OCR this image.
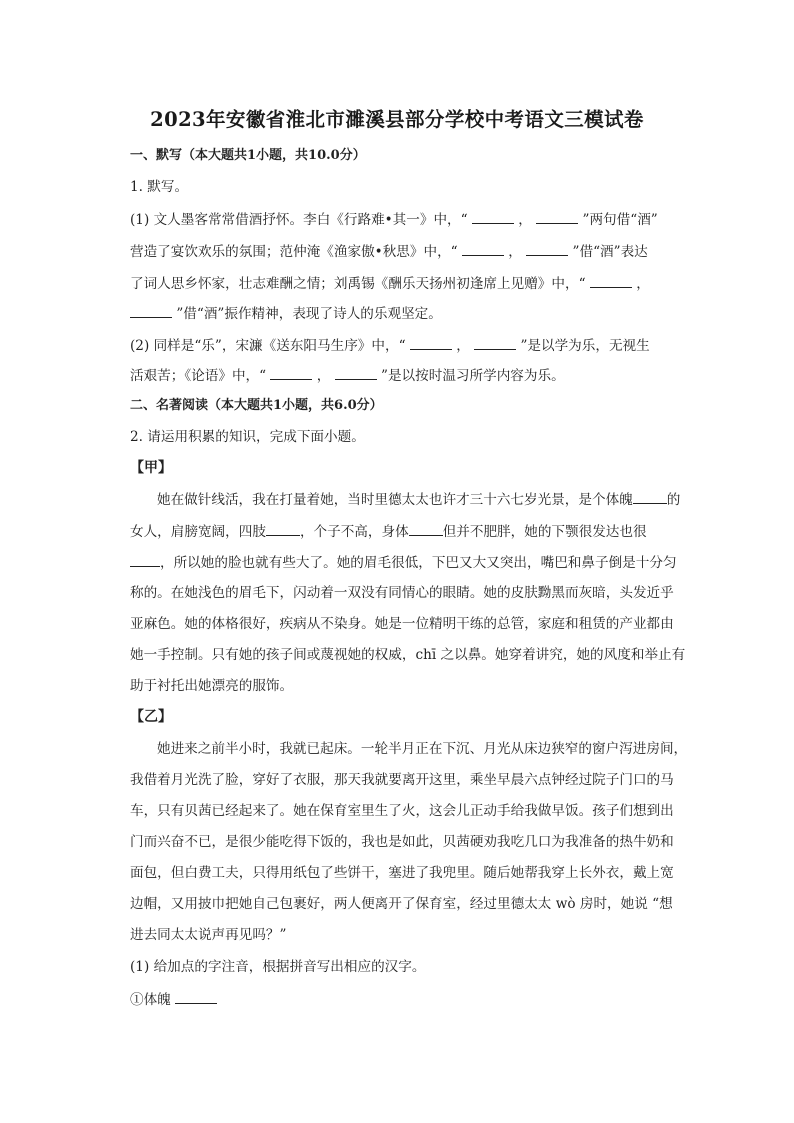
2023年安徽省淮北市濉溪县部分学校中考语文三模试卷
一、默写（本大题共1小题，共10.0分）
1. 默写。
(1) 文人墨客常常借酒抒怀。李白《行路难•其一》中，“	，	”两句借“酒”
营造了宴饮欢乐的氛围；范仲淹《渔家傲•秋思》中，“	，	”借“酒”表达
了词人思乡怀家，壮志难酬之情；刘禹锡《酬乐天扬州初逢席上见赠》中，“	，
”借“酒”振作精神，表现了诗人的乐观坚定。
(2) 同样是“乐”，宋濂《送东阳马生序》中，“	，	”是以学为乐，无视生
活艰苦；《论语》中，“	，	”是以按时温习所学内容为乐。
二、名著阅读（本大题共1小题，共6.0分）
2. 请运用积累的知识，完成下面小题。
【甲】
她在做针线活，我在打量着她，当时里德太太也许才三十六七岁光景，是个体魄	的
女人，肩膀宽阔，四肢	，个子不高，身体	但并不肥胖，她的下颚很发达也很
，所以她的脸也就有些大了。她的眉毛很低，下巴又大又突出，嘴巴和鼻子倒是十分匀
称的。在她浅色的眉毛下，闪动着一双没有同情心的眼睛。她的皮肤黝黑而灰暗，头发近乎
亚麻色。她的体格很好，疾病从不染身。她是一位精明干练的总管，家庭和租赁的产业都由
她一手控制。只有她的孩子间或蔑视她的权威，chī 之以鼻。她穿着讲究，她的风度和举止有
助于衬托出她漂亮的服饰。
【乙】
她进来之前半小时，我就已起床。一轮半月正在下沉、月光从床边狭窄的窗户泻进房间，
我借着月光洗了脸，穿好了衣服，那天我就要离开这里，乘坐早晨六点钟经过院子门口的马
车，只有贝茜已经起来了。她在保育室里生了火，这会儿正动手给我做早饭。孩子们想到出
门而兴奋不已，是很少能吃得下饭的，我也是如此，贝茜硬劝我吃几口为我准备的热牛奶和
面包，但白费工夫，只得用纸包了些饼干，塞进了我兜里。随后她帮我穿上长外衣，戴上宽
边帽，又用披巾把她自己包裹好，两人便离开了保育室，经过里德太太 wò 房时，她说 “想
进去同太太说声再见吗？”
(1) 给加点的字注音，根据拼音写出相应的汉字。
①体魄
